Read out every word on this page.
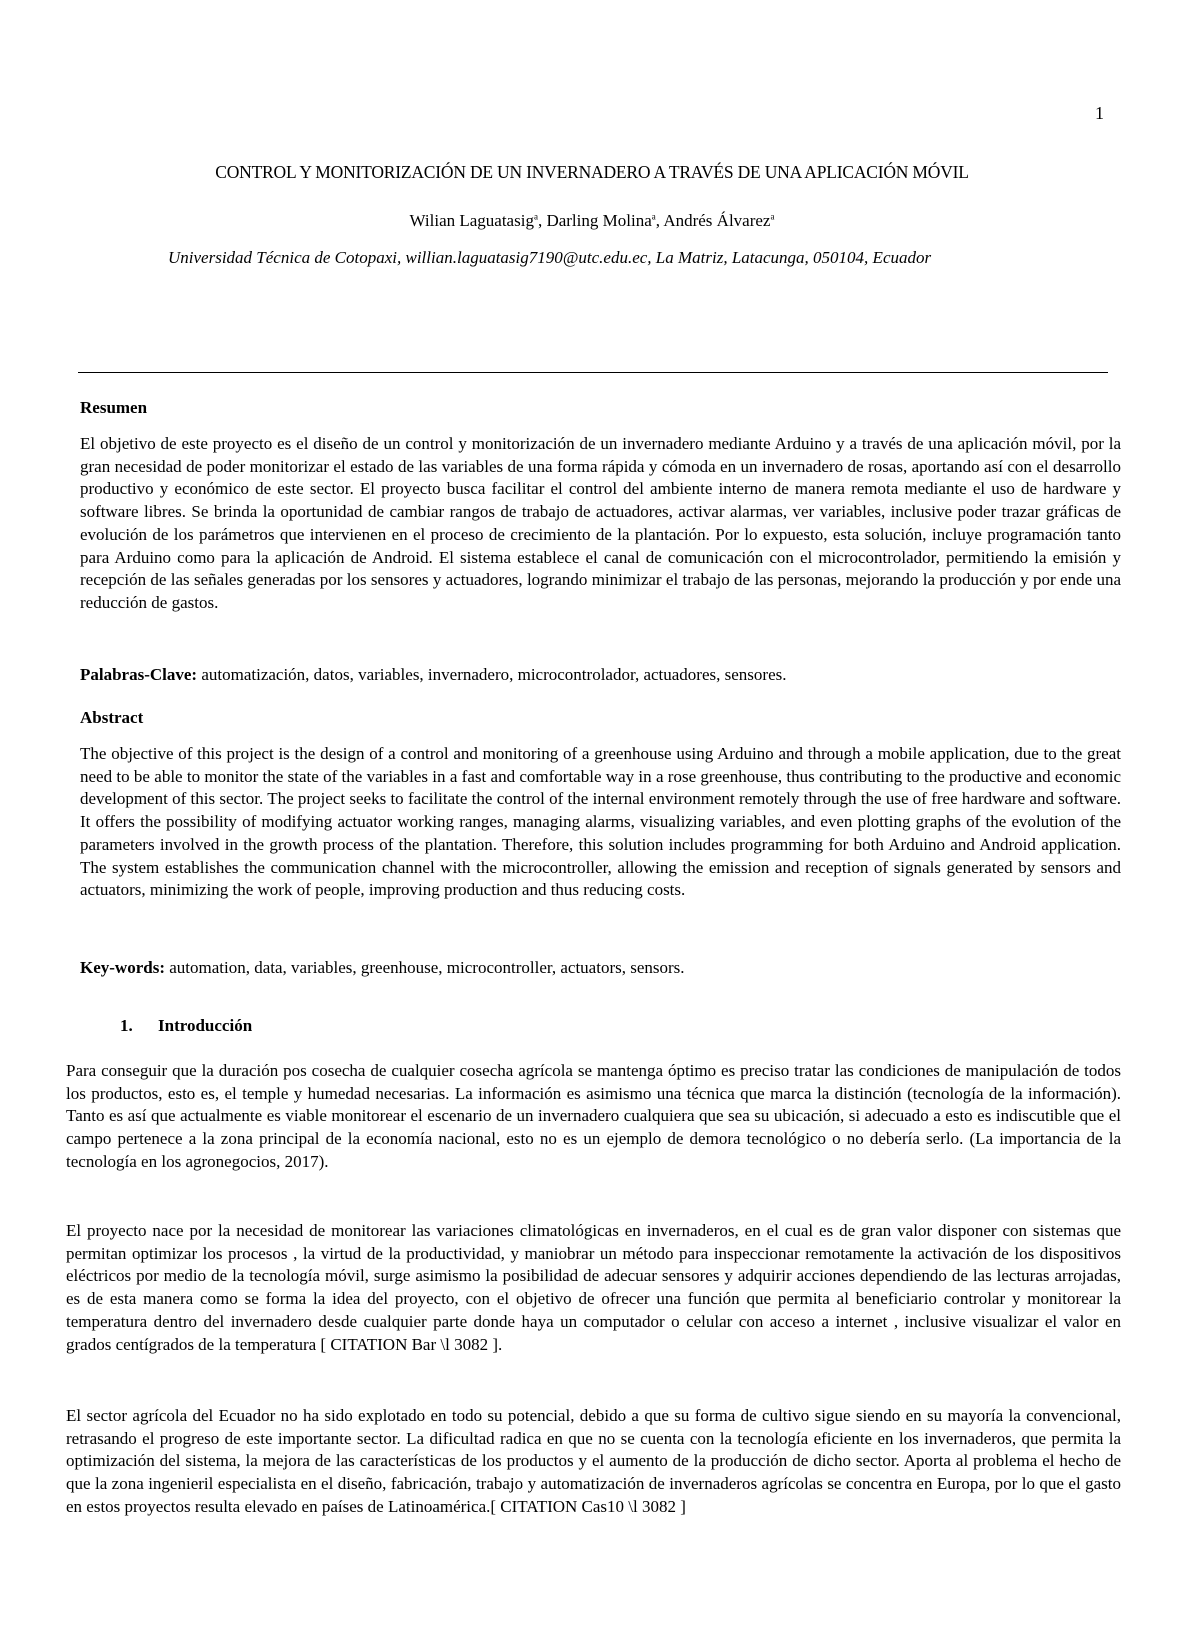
1
CONTROL Y MONITORIZACIÓN DE UN INVERNADERO A TRAVÉS DE UNA APLICACIÓN MÓVIL
Wilian Laguatasig$^a$, Darling Molina$^a$, Andrés Álvarez$^a$
Universidad Técnica de Cotopaxi, willian.laguatasig7190@utc.edu.ec, La Matriz, Latacunga, 050104, Ecuador
Resumen
El objetivo de este proyecto es el diseño de un control y monitorización de un invernadero mediante Arduino y a través de una aplicación móvil, por la gran necesidad de poder monitorizar el estado de las variables de una forma rápida y cómoda en un invernadero de rosas, aportando así con el desarrollo productivo y económico de este sector. El proyecto busca facilitar el control del ambiente interno de manera remota mediante el uso de hardware y software libres. Se brinda la oportunidad de cambiar rangos de trabajo de actuadores, activar alarmas, ver variables, inclusive poder trazar gráficas de evolución de los parámetros que intervienen en el proceso de crecimiento de la plantación. Por lo expuesto, esta solución, incluye programación tanto para Arduino como para la aplicación de Android. El sistema establece el canal de comunicación con el microcontrolador, permitiendo la emisión y recepción de las señales generadas por los sensores y actuadores, logrando minimizar el trabajo de las personas, mejorando la producción y por ende una reducción de gastos.
Palabras-Clave: automatización, datos, variables, invernadero, microcontrolador, actuadores, sensores.
Abstract
The objective of this project is the design of a control and monitoring of a greenhouse using Arduino and through a mobile application, due to the great need to be able to monitor the state of the variables in a fast and comfortable way in a rose greenhouse, thus contributing to the productive and economic development of this sector. The project seeks to facilitate the control of the internal environment remotely through the use of free hardware and software. It offers the possibility of modifying actuator working ranges, managing alarms, visualizing variables, and even plotting graphs of the evolution of the parameters involved in the growth process of the plantation. Therefore, this solution includes programming for both Arduino and Android application. The system establishes the communication channel with the microcontroller, allowing the emission and reception of signals generated by sensors and actuators, minimizing the work of people, improving production and thus reducing costs.
Key-words: automation, data, variables, greenhouse, microcontroller, actuators, sensors.
1. Introducción
Para conseguir que la duración pos cosecha de cualquier cosecha agrícola se mantenga óptimo es preciso tratar las condiciones de manipulación de todos los productos, esto es, el temple y humedad necesarias. La información es asimismo una técnica que marca la distinción (tecnología de la información). Tanto es así que actualmente es viable monitorear el escenario de un invernadero cualquiera que sea su ubicación, si adecuado a esto es indiscutible que el campo pertenece a la zona principal de la economía nacional, esto no es un ejemplo de demora tecnológico o no debería serlo. (La importancia de la tecnología en los agronegocios, 2017).
El proyecto nace por la necesidad de monitorear las variaciones climatológicas en invernaderos, en el cual es de gran valor disponer con sistemas que permitan optimizar los procesos , la virtud de la productividad, y maniobrar un método para inspeccionar remotamente la activación de los dispositivos eléctricos por medio de la tecnología móvil, surge asimismo la posibilidad de adecuar sensores y adquirir acciones dependiendo de las lecturas arrojadas, es de esta manera como se forma la idea del proyecto, con el objetivo de ofrecer una función que permita al beneficiario controlar y monitorear la temperatura dentro del invernadero desde cualquier parte donde haya un computador o celular con acceso a internet , inclusive visualizar el valor en grados centígrados de la temperatura [ CITATION Bar \l 3082 ].
El sector agrícola del Ecuador no ha sido explotado en todo su potencial, debido a que su forma de cultivo sigue siendo en su mayoría la convencional, retrasando el progreso de este importante sector. La dificultad radica en que no se cuenta con la tecnología eficiente en los invernaderos, que permita la optimización del sistema, la mejora de las características de los productos y el aumento de la producción de dicho sector. Aporta al problema el hecho de que la zona ingenieril especialista en el diseño, fabricación, trabajo y automatización de invernaderos agrícolas se concentra en Europa, por lo que el gasto en estos proyectos resulta elevado en países de Latinoamérica.[ CITATION Cas10 \l 3082 ]
